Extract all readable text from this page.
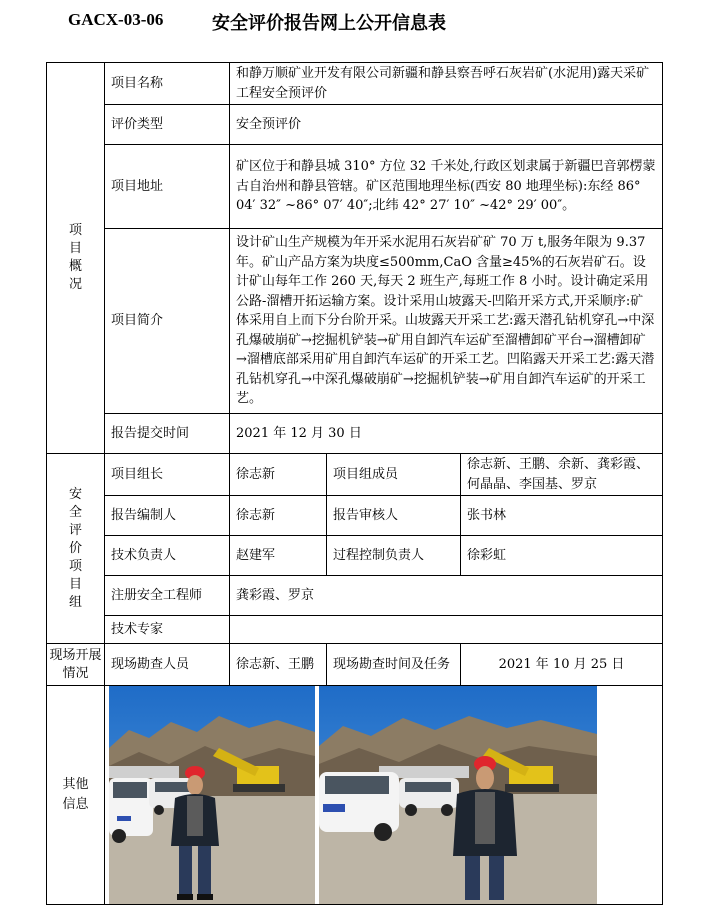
GACX-03-06	安全评价报告网上公开信息表
项目概况	项目名称	和静万顺矿业开发有限公司新疆和静县察吾呼石灰岩矿(水泥用)露天采矿工程安全预评价		
	评价类型	安全预评价		
	项目地址	矿区位于和静县城 310° 方位 32 千米处,行政区划隶属于新疆巴音郭楞蒙古自治州和静县管辖。矿区范围地理坐标(西安 80 地理坐标):东经 86° 04′ 32″ ~86° 07′ 40″;北纬 42° 27′ 10″ ~42° 29′ 00″。		
	项目简介	设计矿山生产规模为年开采水泥用石灰岩矿矿 70 万 t,服务年限为 9.37 年。矿山产品方案为块度≤500mm,CaO 含量≥45%的石灰岩矿石。设计矿山每年工作 260 天,每天 2 班生产,每班工作 8 小时。设计确定采用公路-溜槽开拓运输方案。设计采用山坡露天-凹陷开采方式,开采顺序:矿体采用自上而下分台阶开采。山坡露天开采工艺:露天潜孔钻机穿孔→中深孔爆破崩矿→挖掘机铲装→矿用自卸汽车运矿至溜槽卸矿平台→溜槽卸矿→溜槽底部采用矿用自卸汽车运矿的开采工艺。凹陷露天开采工艺:露天潜孔钻机穿孔→中深孔爆破崩矿→挖掘机铲装→矿用自卸汽车运矿的开采工艺。		
	报告提交时间	2021 年 12 月 30 日		
安全评价项目组	项目组长	徐志新	项目组成员	徐志新、王鹏、余新、龚彩霞、何晶晶、李国基、罗京
	报告编制人	徐志新	报告审核人	张书林
	技术负责人	赵建军	过程控制负责人	徐彩虹
	注册安全工程师	龚彩霞、罗京		
	技术专家			
现场开展情况	现场勘查人员	徐志新、王鹏	现场勘查时间及任务	2021 年 10 月 25 日
其他信息	
